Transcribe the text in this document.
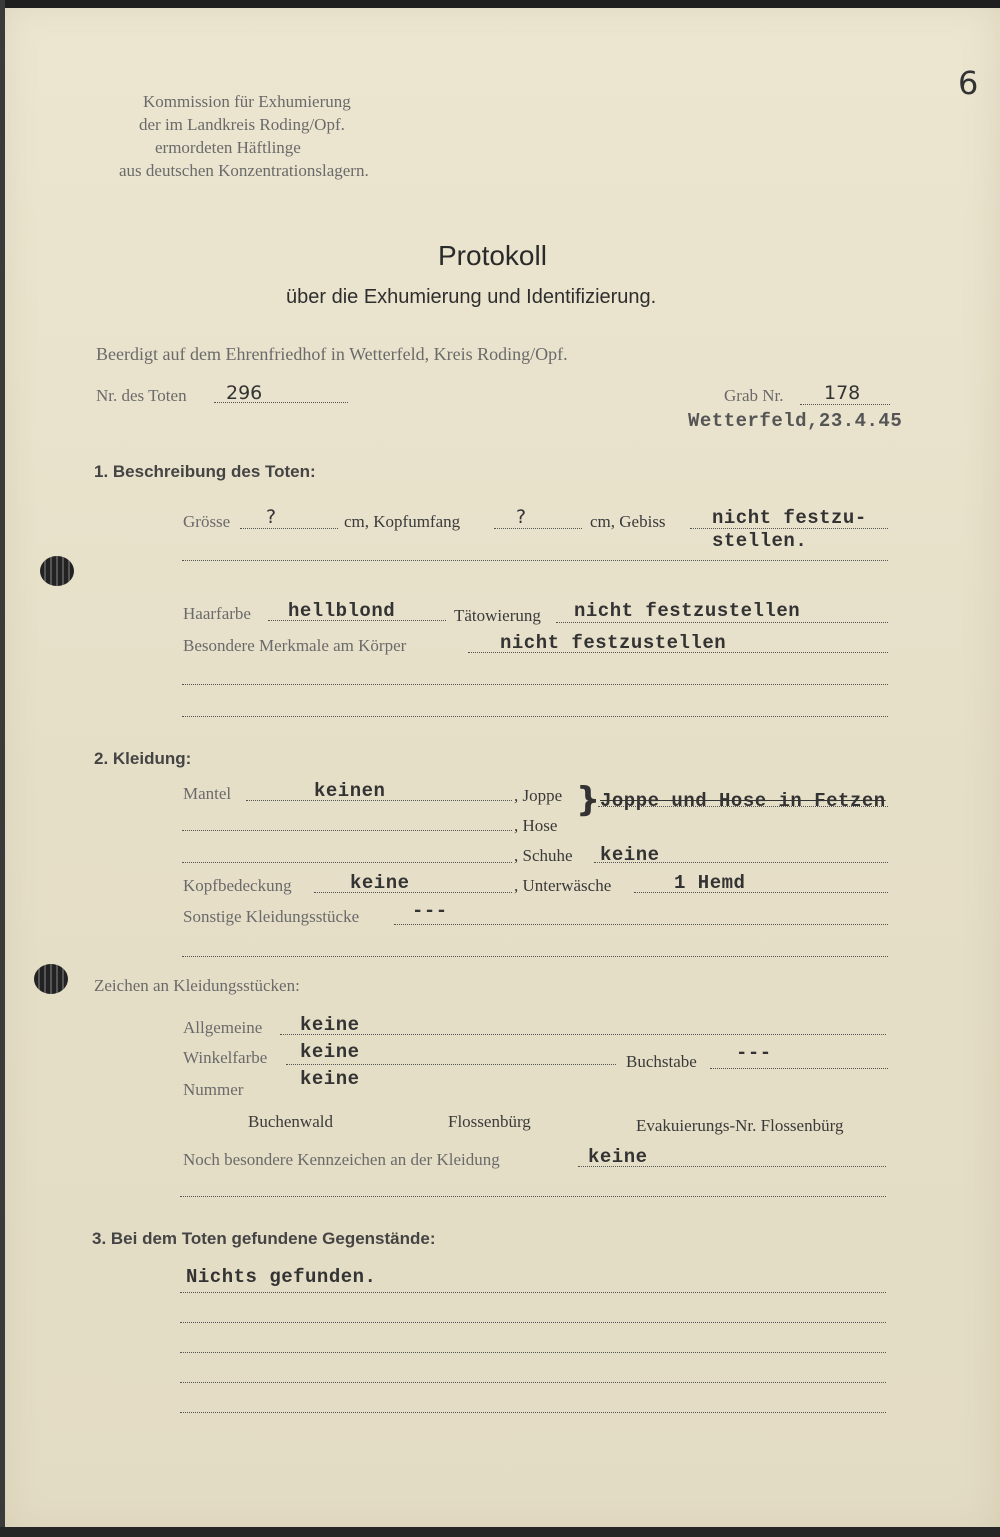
6
Kommission für Exhumierung
der im Landkreis Roding/Opf.
ermordeten Häftlinge
aus deutschen Konzentrationslagern.
Protokoll
über die Exhumierung und Identifizierung.
Beerdigt auf dem Ehrenfriedhof in Wetterfeld, Kreis Roding/Opf.
Nr. des Toten 296	Grab Nr. 178
Wetterfeld,23.4.45
1. Beschreibung des Toten:
Grösse ?	cm, Kopfumfang	?	cm, Gebiss nicht festzu-
stellen.
Haarfarbe hellblond	Tätowierung nicht festzustellen
Besondere Merkmale am Körper	nicht festzustellen
2. Kleidung:
Mantel	keinen	, Joppe
, Hose
} Joppe und Hose in Fetzen
, Schuhe keine
Kopfbedeckung	keine	, Unterwäsche	1 Hemd
Sonstige Kleidungsstücke	---
Zeichen an Kleidungsstücken:
Allgemeine keine
Winkelfarbe keine	Buchstabe ---
Nummer	keine
Buchenwald	Flossenbürg	Evakuierungs-Nr. Flossenbürg
Noch besondere Kennzeichen an der Kleidung	keine
3. Bei dem Toten gefundene Gegenstände:
Nichts gefunden.
